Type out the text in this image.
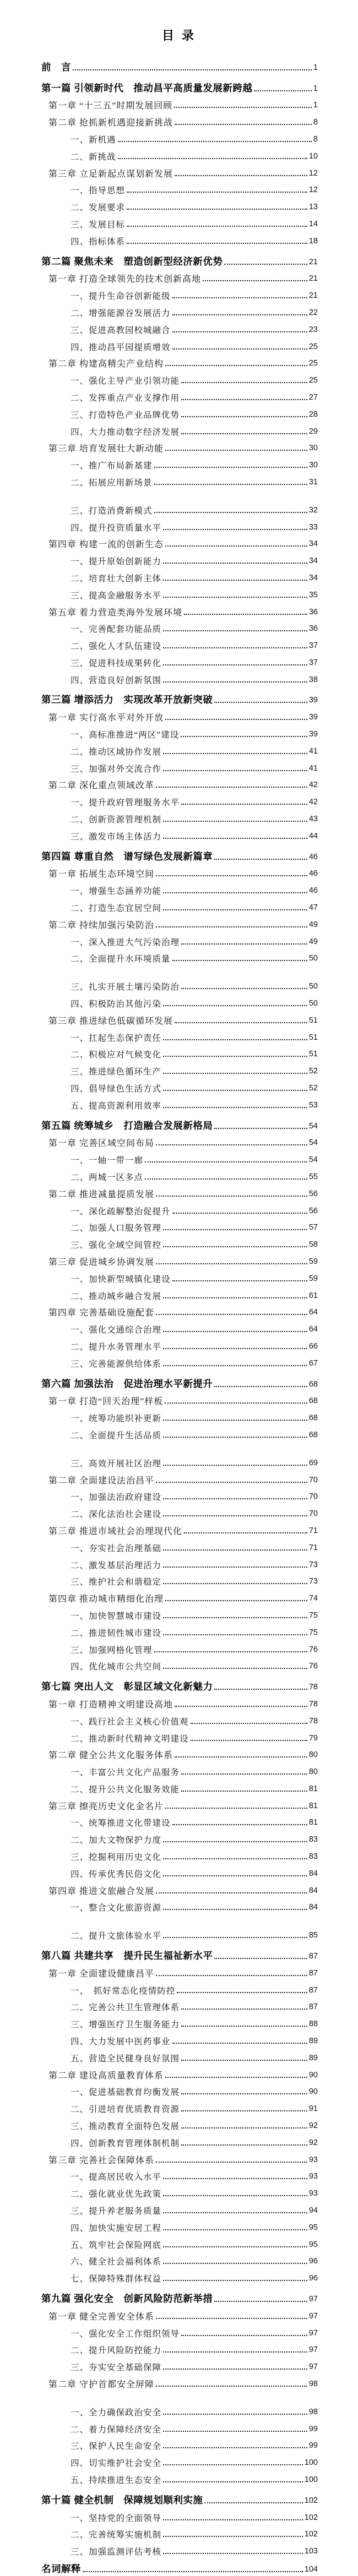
目 录
前　言	1
第一篇 引领新时代　推动昌平高质量发展新跨越	1
第一章 “十三五”时期发展回顾	1
第二章 抢抓新机遇迎接新挑战	8
一、新机遇	8
二、新挑战	10
第三章 立足新起点谋划新发展	12
一、指导思想	12
二、发展要求	13
三、发展目标	14
四、指标体系	18
第二篇 聚焦未来　塑造创新型经济新优势	21
第一章 打造全球领先的技术创新高地	21
一、提升生命谷创新能级	21
二、增强能源谷发展活力	22
三、促进高教园校城融合	23
四、推动昌平园提质增效	25
第二章 构建高精尖产业结构	25
一、强化主导产业引领功能	25
二、发挥重点产业支撑作用	27
三、打造特色产业品牌优势	28
四、大力推动数字经济发展	29
第三章 培育发展壮大新动能	30
一、推广布局新基建	30
二、拓展应用新场景	31
三、打造消费新模式	32
四、提升投资质量水平	33
第四章 构建一流的创新生态	34
一、提升原始创新能力	34
二、培育壮大创新主体	34
三、提高金融服务水平	35
第五章 着力营造类海外发展环境	36
一、完善配套功能品质	36
二、强化人才队伍建设	37
三、促进科技成果转化	37
四、营造良好创新氛围	38
第三篇 增添活力　实现改革开放新突破	39
第一章 实行高水平对外开放	39
一、高标准推进“两区”建设	39
二、推动区域协作发展	41
三、加强对外交流合作	41
第二章 深化重点领域改革	42
一、提升政府管理服务水平	42
二、创新资源管理机制	43
三、激发市场主体活力	44
第四篇 尊重自然　谱写绿色发展新篇章	46
第一章 拓展生态环境空间	46
一、增强生态涵养功能	46
二、打造生态宜居空间	47
第二章 持续加强污染防治	49
一、深入推进大气污染治理	49
二、全面提升水环境质量	50
三、扎实开展土壤污染防治	50
四、积极防治其他污染	50
第三章 推进绿色低碳循环发展	51
一、扛起生态保护责任	51
二、积极应对气候变化	51
三、推进绿色循环生产	52
四、倡导绿色生活方式	52
五、提高资源利用效率	53
第五篇 统筹城乡　打造融合发展新格局	54
第一章 完善区域空间布局	54
一、一轴一带一廊	54
二、两城一区多点	55
第二章 推进减量提质发展	56
一、深化疏解整治促提升	56
二、加强人口服务管理	57
三、强化全域空间管控	58
第三章 促进城乡协调发展	59
一、加快新型城镇化建设	59
二、推动城乡融合发展	61
第四章 完善基础设施配套	64
一、强化交通综合治理	64
二、提升水务管理水平	66
三、完善能源供给体系	67
第六篇 加强法治　促进治理水平新提升	68
第一章 打造“回天治理”样板	68
一、统筹功能织补更新	68
二、全面提升生活品质	68
三、高效开展社区治理	69
第二章 全面建设法治昌平	70
一、加强法治政府建设	70
二、深化法治社会建设	70
第三章 推进市域社会治理现代化	71
一、夯实社会治理基础	71
二、激发基层治理活力	73
三、维护社会和谐稳定	73
第四章 推动城市精细化治理	74
一、加快智慧城市建设	75
二、推进韧性城市建设	75
三、加强网格化管理	76
四、优化城市公共空间	76
第七篇 突出人文　彰显区域文化新魅力	78
第一章 打造精神文明建设高地	78
一、践行社会主义核心价值观	78
二、推动新时代精神文明建设	79
第二章 健全公共文化服务体系	80
一、丰富公共文化产品服务	80
二、提升公共文化服务效能	81
第三章 擦亮历史文化金名片	81
一、统筹推进文化带建设	81
二、加大文物保护力度	83
三、挖掘利用历史文化	83
四、传承优秀民俗文化	84
第四章 推进文旅融合发展	84
一、整合文化旅游资源	84
二、提升文旅体验水平	85
第八篇 共建共享　提升民生福祉新水平	87
第一章 全面建设健康昌平	87
一、　抓好常态化疫情防控	87
二、完善公共卫生管理体系	87
三、增强医疗卫生服务能力	88
四、大力发展中医药事业	89
五、营造全民健身良好氛围	89
第二章 建设高质量教育体系	90
一、促进基础教育均衡发展	90
二、引进培育优质教育资源	91
三、推动教育全面特色发展	92
四、创新教育管理体制机制	92
第三章 完善社会保障体系	93
一、提高居民收入水平	93
二、强化就业优先政策	93
三、提升养老服务质量	94
四、加快实施安居工程	95
五、筑牢社会保险网底	95
六、健全社会福利体系	96
七、保障特殊群体权益	96
第九篇 强化安全　创新风险防范新举措	97
第一章 健全完善安全体系	97
一、强化安全工作组织领导	97
二、提升风险防控能力	97
三、夯实安全基础保障	97
第二章 守护首都安全屏障	98
一、全力确保政治安全	98
二、着力保障经济安全	99
三、保护人民生命安全	99
四、切实维护社会安全	100
五、持续推进生态安全	100
第十篇 健全机制　保障规划顺利实施	102
一、坚持党的全面领导	102
二、完善统筹实施机制	102
三、加强监测评估考核	103
名词解释	104
